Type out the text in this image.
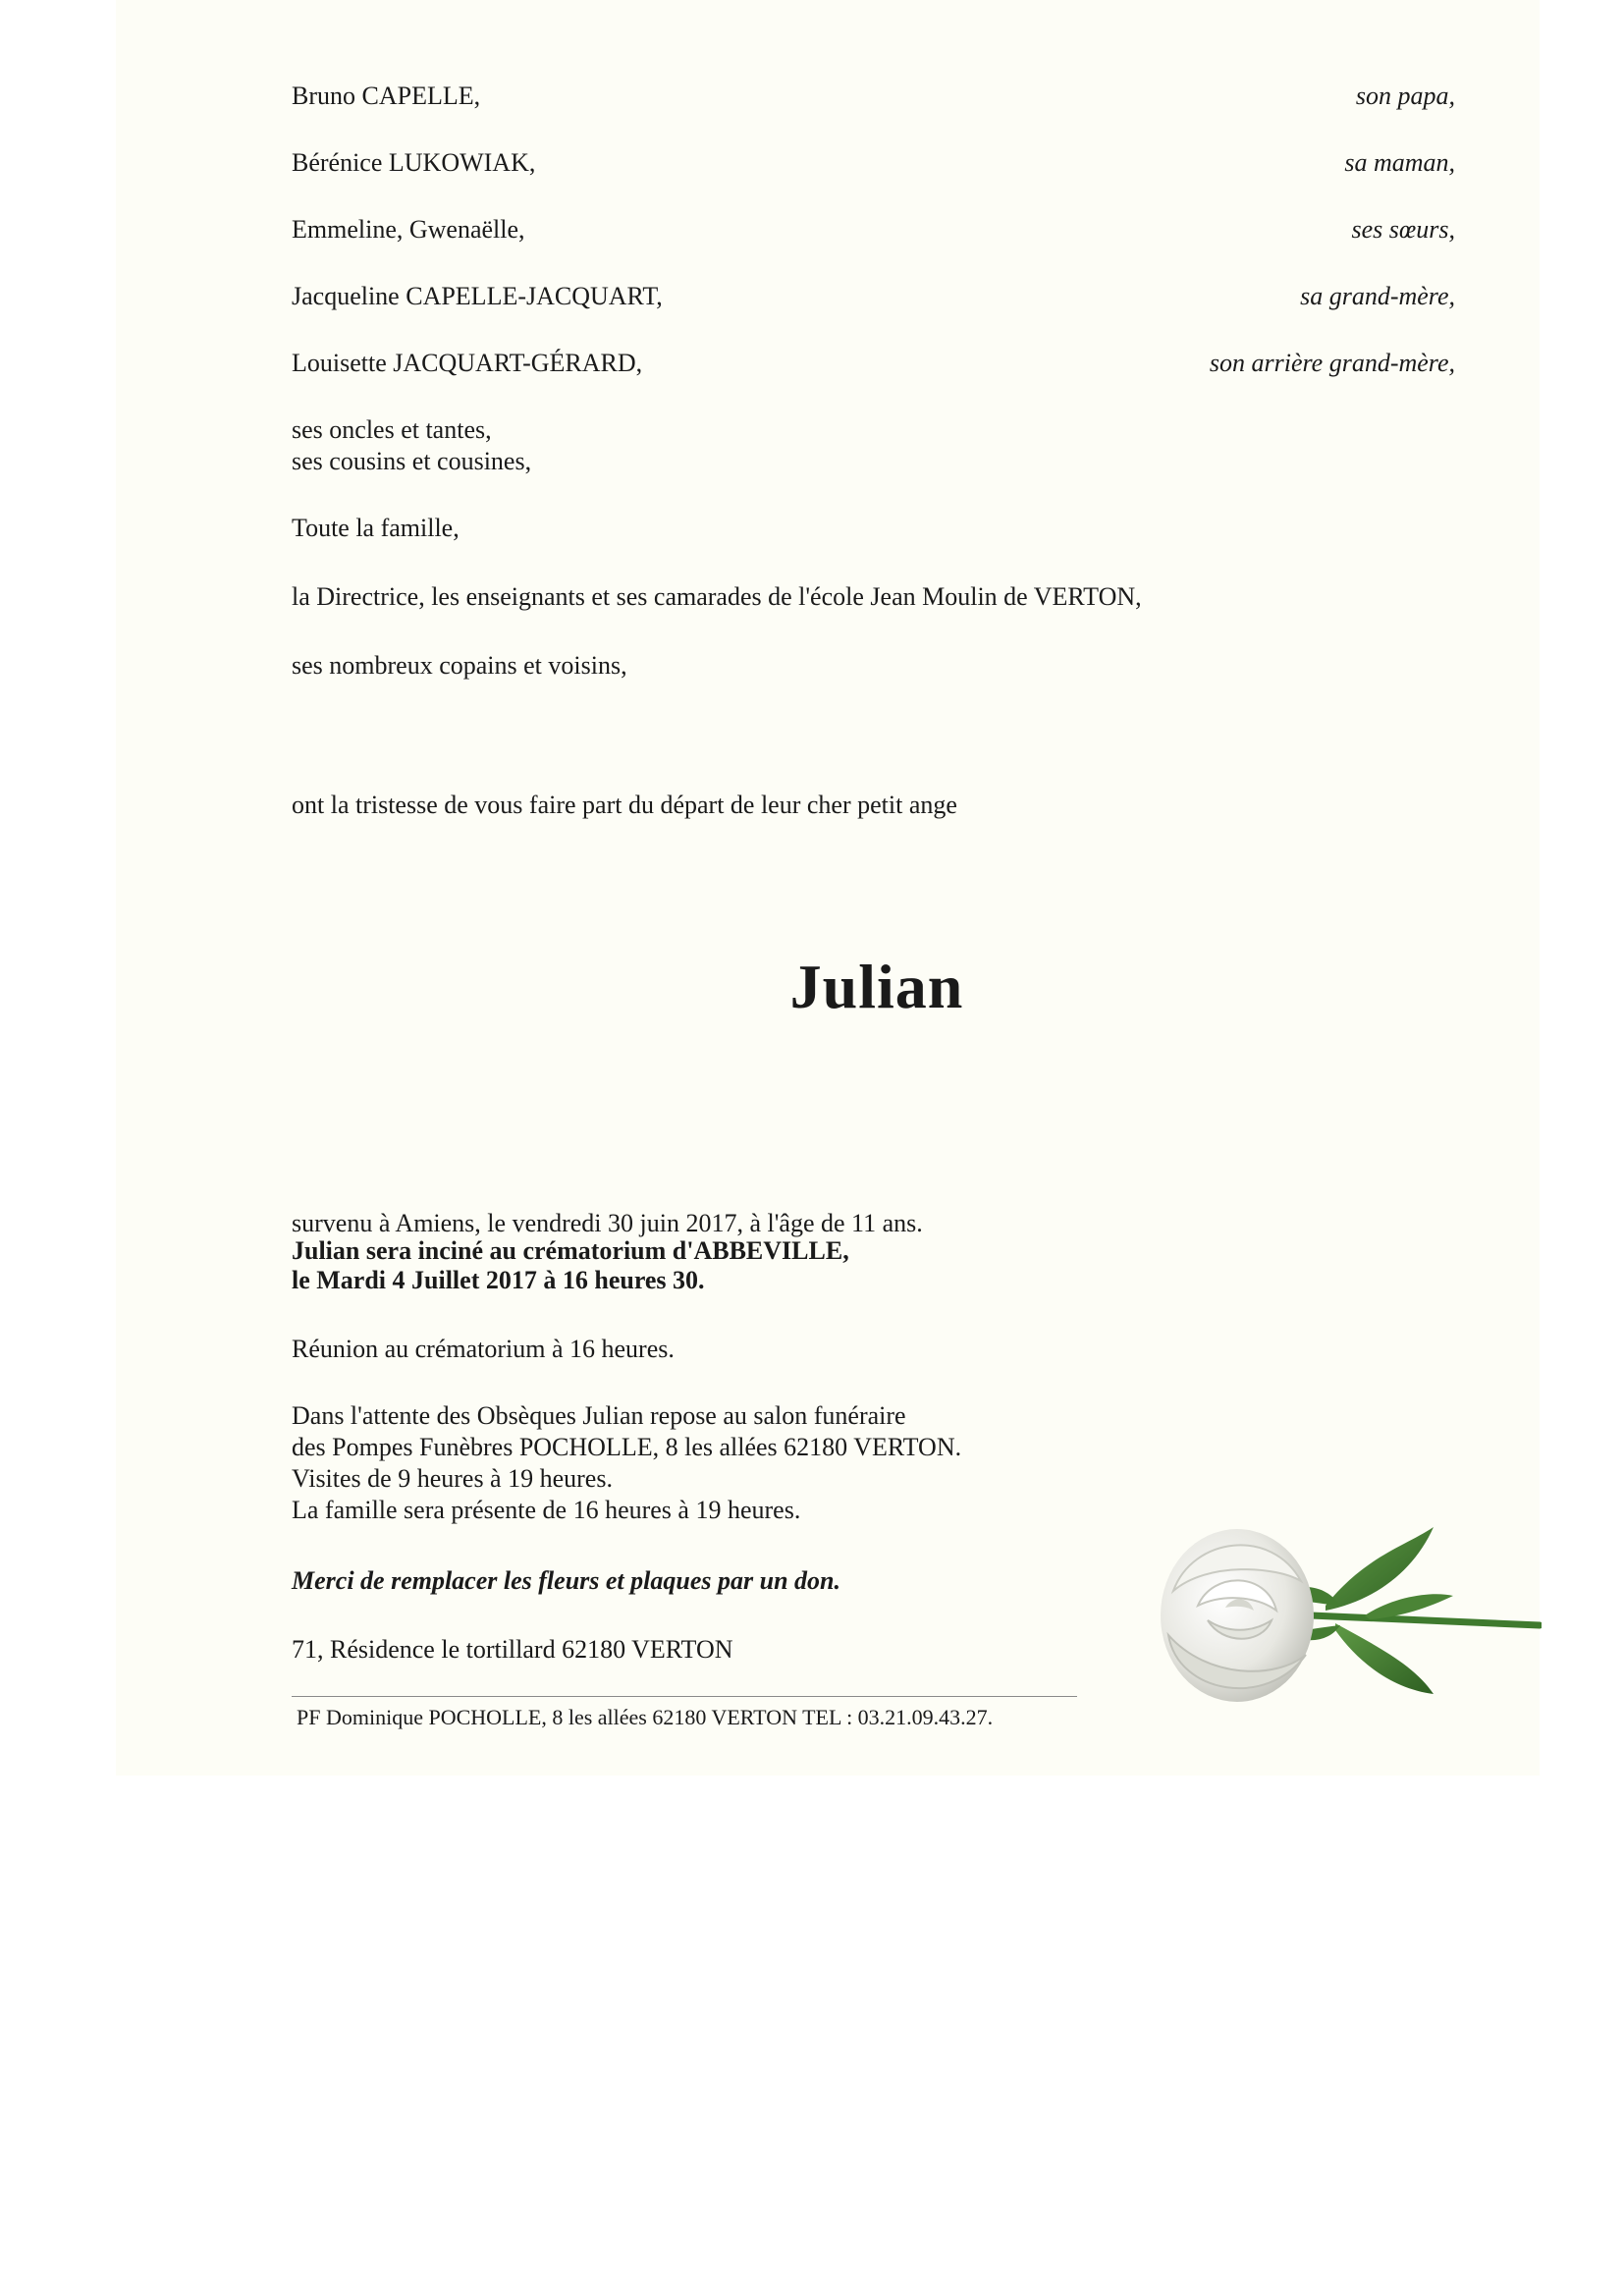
Bruno CAPELLE,	son papa,
Bérénice LUKOWIAK,	sa maman,
Emmeline, Gwenaëlle,	ses sœurs,
Jacqueline CAPELLE-JACQUART,	sa grand-mère,
Louisette JACQUART-GÉRARD,	son arrière grand-mère,
ses oncles et tantes,
ses cousins et cousines,
Toute la famille,
la Directrice, les enseignants et ses camarades de l'école Jean Moulin de VERTON,
ses nombreux copains et voisins,
ont la tristesse de vous faire part du départ de leur cher petit ange
Julian
survenu à Amiens, le vendredi 30 juin 2017, à l'âge de 11 ans.
Julian sera inciné au crématorium d'ABBEVILLE,
le Mardi 4 Juillet 2017 à 16 heures 30.
Réunion au crématorium à 16 heures.
Dans l'attente des Obsèques Julian repose au salon funéraire
des Pompes Funèbres POCHOLLE, 8 les allées 62180 VERTON.
Visites de 9 heures à 19 heures.
La famille sera présente de 16 heures à 19 heures.
Merci de remplacer les fleurs et plaques par un don.
71, Résidence le tortillard 62180 VERTON
PF Dominique POCHOLLE, 8 les allées 62180 VERTON TEL : 03.21.09.43.27.
